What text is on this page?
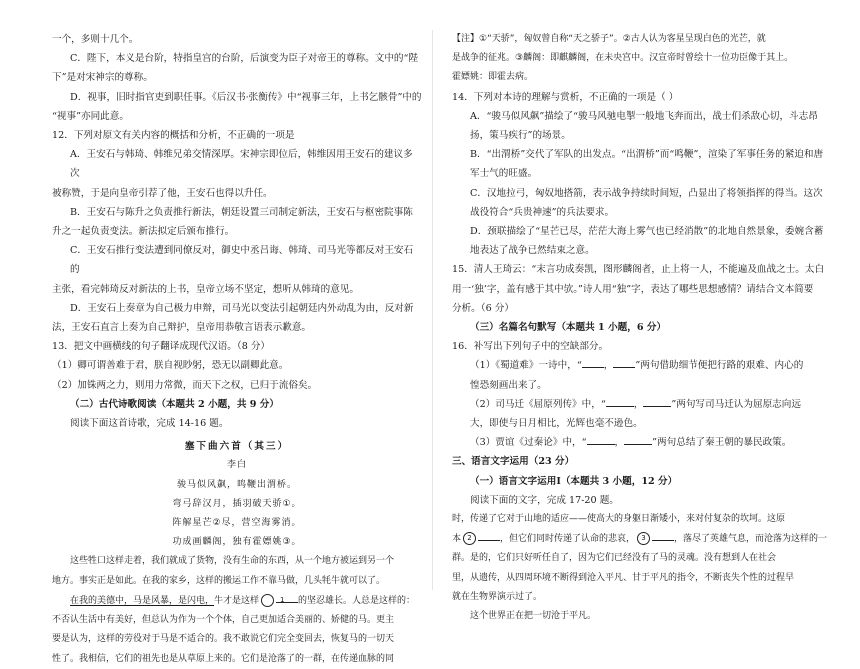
一个，多则十几个。

C．陛下，本义是台阶，特指皇宫的台阶，后演变为臣子对帝王的尊称。文中的“陛

下”是对宋神宗的尊称。

D．视事，旧时指官吏到职任事。《后汉书·张衡传》中“视事三年，上书乞骸骨”中的

“视事”亦同此意。

12．下列对原文有关内容的概括和分析，不正确的一项是

A．王安石与韩琦、韩维兄弟交情深厚。宋神宗即位后，韩维因用王安石的建议多次

被称赞，于是向皇帝引荐了他，王安石也得以升任。

B．王安石与陈升之负责推行新法，朝廷设置三司制定新法，王安石与枢密院事陈

升之一起负责变法。新法拟定后颁布推行。

C．王安石推行变法遭到同僚反对，御史中丞吕诲、韩琦、司马光等都反对王安石的

主张，看完韩琦反对新法的上书，皇帝立场不坚定，想听从韩琦的意见。

D．王安石上奏章为自己极力申辩，司马光以变法引起朝廷内外动乱为由，反对新

法，王安石直言上奏为自己辩护，皇帝用恭敬言语表示歉意。

13．把文中画横线的句子翻译成现代汉语。（8 分）

（1）卿可谓善难于君，朕自视眇躬，恐无以副卿此意。

（2）加铢两之力，则用力常微，而天下之权，已归于流俗矣。

（二）古代诗歌阅读（本题共 2 小题，共 9 分）

阅读下面这首诗歌，完成 14-16 题。

塞下曲六首（其三）

李白

骏马似风飙，鸣鞭出渭桥。

弯弓辞汉月，插羽破天骄①。

阵解星芒②尽，营空海雾消。

功成画麟阁，独有霍嫖姚③。

这些牲口这样走着，我们就成了货物，没有生命的东西，从一个地方被运到另一个

地方。事实正是如此。在我的家乡，这样的搬运工作不靠马做，几头牦牛就可以了。

在我的美德中，马是风暴，是闪电，牛才是这样	1 的坚忍雄长。人总是这样的：

不否认生活中有美好，但总认为作为一个个体，自己更加适合美丽的、娇健的马。更主

要是认为，这样的劳役对于马是不适合的。我不敢说它们完全变回去，恢复马的一切天

性了。我相信，它们的祖先也是从草原上来的。它们是沧落了的一群，在传递血脉的同

【注】①“天骄”，匈奴曾自称“天之骄子”。②古人认为客星呈现白色的光芒，就

是战争的征兆。③麟阁：即麒麟阁，在未央宫中。汉宣帝时曾绘十一位功臣像于其上。

霍嫖姚：即霍去病。

14．下列对本诗的理解与赏析，不正确的一项是（ ）

A．“骏马似风飙”描绘了“骏马风驰电掣一般地飞奔而出，战士们杀敌心切，斗志昂

扬，策马疾行”的场景。

B．“出渭桥”交代了军队的出发点。“出渭桥”而“鸣鞭”，渲染了军事任务的紧迫和唐

军士气的旺盛。

C．汉地拉弓，匈奴地搭箭，表示战争持续时间短，凸显出了将领指挥的得当。这次

战役符合“兵贵神速”的兵法要求。

D．颈联描绘了“星芒已尽，茫茫大海上雾气也已经消散”的北地自然景象，委婉含蓄

地表达了战争已然结束之意。

15．清人王琦云：“末言功成奏凯，图形麟阁者，止上将一人，不能遍及血战之士。太白

用一‘独’字，盖有感于其中欤。”诗人用“独”字，表达了哪些思想感情？请结合文本简要

分析。（6 分）

（三）名篇名句默写（本题共 1 小题，6 分）

16．补写出下列句子中的空缺部分。

（1）《蜀道难》一诗中，“ ， ”两句借助细节便把行路的艰难、内心的

惶恐刻画出来了。

（2）司马迁《屈原列传》中，“	，	”两句写司马迁认为屈原志向远

大，即使与日月相比，光辉也毫不逊色。

（3）贾谊《过秦论》中，“	，	”两句总结了秦王朝的暴民政策。

三、语言文字运用（23 分）

（一）语言文字运用Ⅰ（本题共 3 小题，12 分）

阅读下面的文字，完成 17-20 题。

时，传递了它对于山地的适应——使高大的身躯日渐矮小，来对付复杂的坎坷。这原

本 2	，但它们同时传递了认命的悲哀， 3	，落尽了英雄气息，而沧落为这样的一

群。是的，它们只好听任自了，因为它们已经没有了马的灵魂。没有想到人在社会

里，从遗传，从四周环境不断得到沧入平凡、甘于平凡的指令，不断丧失个性的过程早

就在生物界演示过了。

这个世界正在把一切沧于平凡。
